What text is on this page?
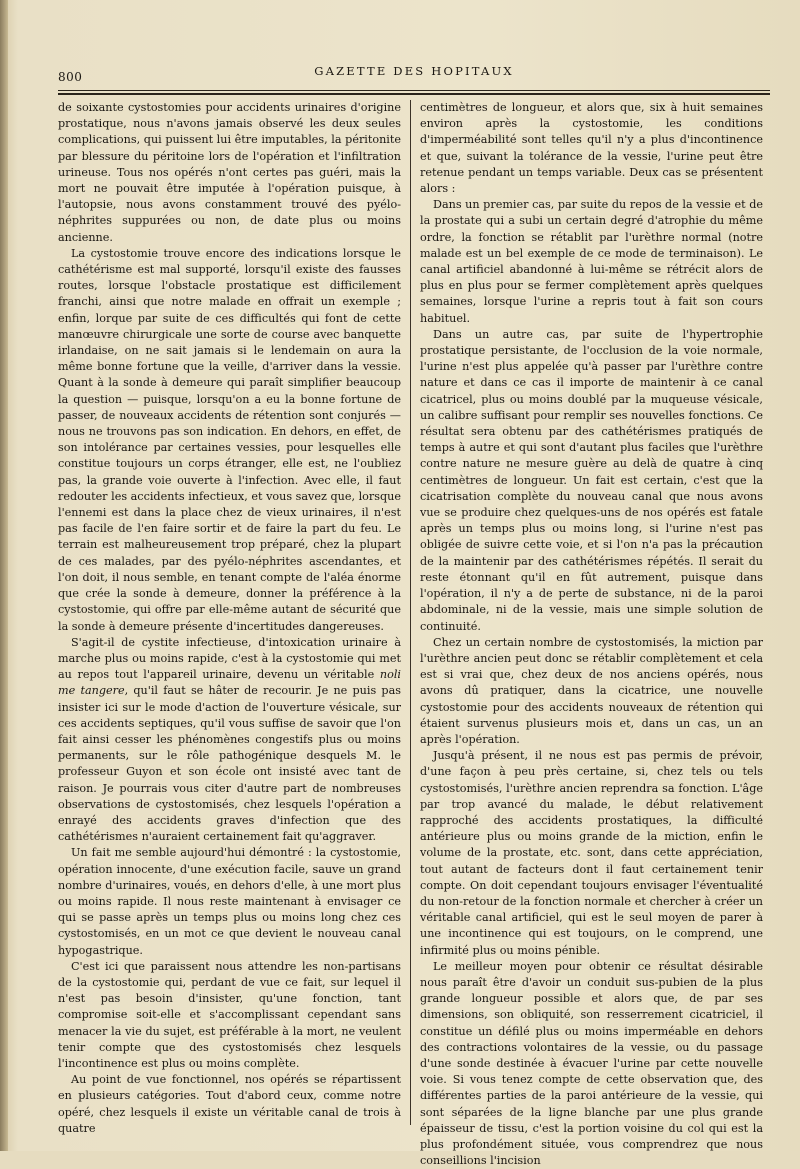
800	GAZETTE DES HOPITAUX

de soixante cystostomies pour accidents urinaires d'origine prostatique, nous n'avons jamais observé les deux seules complications, qui puissent lui être imputables, la péritonite par blessure du péritoine lors de l'opération et l'infiltration urineuse. Tous nos opérés n'ont certes pas guéri, mais la mort ne pouvait être imputée à l'opération puisque, à l'autopsie, nous avons constamment trouvé des pyélo-néphrites suppurées ou non, de date plus ou moins ancienne.

La cystostomie trouve encore des indications lorsque le cathétérisme est mal supporté, lorsqu'il existe des fausses routes, lorsque l'obstacle prostatique est difficilement franchi, ainsi que notre malade en offrait un exemple ; enfin, lorque par suite de ces difficultés qui font de cette manœuvre chirurgicale une sorte de course avec banquette irlandaise, on ne sait jamais si le lendemain on aura la même bonne fortune que la veille, d'arriver dans la vessie. Quant à la sonde à demeure qui paraît simplifier beaucoup la question — puisque, lorsqu'on a eu la bonne fortune de passer, de nouveaux accidents de rétention sont conjurés — nous ne trouvons pas son indication. En dehors, en effet, de son intolérance par certaines vessies, pour lesquelles elle constitue toujours un corps étranger, elle est, ne l'oubliez pas, la grande voie ouverte à l'infection. Avec elle, il faut redouter les accidents infectieux, et vous savez que, lorsque l'ennemi est dans la place chez de vieux urinaires, il n'est pas facile de l'en faire sortir et de faire la part du feu. Le terrain est malheureusement trop préparé, chez la plupart de ces malades, par des pyélo-néphrites ascendantes, et l'on doit, il nous semble, en tenant compte de l'aléa énorme que crée la sonde à demeure, donner la préférence à la cystostomie, qui offre par elle-même autant de sécurité que la sonde à demeure présente d'incertitudes dangereuses.

S'agit-il de cystite infectieuse, d'intoxication urinaire à marche plus ou moins rapide, c'est à la cystostomie qui met au repos tout l'appareil urinaire, devenu un véritable noli me tangere, qu'il faut se hâter de recourir. Je ne puis pas insister ici sur le mode d'action de l'ouverture vésicale, sur ces accidents septiques, qu'il vous suffise de savoir que l'on fait ainsi cesser les phénomènes congestifs plus ou moins permanents, sur le rôle pathogénique desquels M. le professeur Guyon et son école ont insisté avec tant de raison. Je pourrais vous citer d'autre part de nombreuses observations de cystostomisés, chez lesquels l'opération a enrayé des accidents graves d'infection que des cathétérismes n'auraient certainement fait qu'aggraver.

Un fait me semble aujourd'hui démontré : la cystostomie, opération innocente, d'une exécution facile, sauve un grand nombre d'urinaires, voués, en dehors d'elle, à une mort plus ou moins rapide. Il nous reste maintenant à envisager ce qui se passe après un temps plus ou moins long chez ces cystostomisés, en un mot ce que devient le nouveau canal hypogastrique.

C'est ici que paraissent nous attendre les non-partisans de la cystostomie qui, perdant de vue ce fait, sur lequel il n'est pas besoin d'insister, qu'une fonction, tant compromise soit-elle et s'accomplissant cependant sans menacer la vie du sujet, est préférable à la mort, ne veulent tenir compte que des cystostomisés chez lesquels l'incontinence est plus ou moins complète.

Au point de vue fonctionnel, nos opérés se répartissent en plusieurs catégories. Tout d'abord ceux, comme notre opéré, chez lesquels il existe un véritable canal de trois à quatre

centimètres de longueur, et alors que, six à huit semaines environ après la cystostomie, les conditions d'imperméabilité sont telles qu'il n'y a plus d'incontinence et que, suivant la tolérance de la vessie, l'urine peut être retenue pendant un temps variable. Deux cas se présentent alors :

Dans un premier cas, par suite du repos de la vessie et de la prostate qui a subi un certain degré d'atrophie du même ordre, la fonction se rétablit par l'urèthre normal (notre malade est un bel exemple de ce mode de terminaison). Le canal artificiel abandonné à lui-même se rétrécit alors de plus en plus pour se fermer complètement après quelques semaines, lorsque l'urine a repris tout à fait son cours habituel.

Dans un autre cas, par suite de l'hypertrophie prostatique persistante, de l'occlusion de la voie normale, l'urine n'est plus appelée qu'à passer par l'urèthre contre nature et dans ce cas il importe de maintenir à ce canal cicatricel, plus ou moins doublé par la muqueuse vésicale, un calibre suffisant pour remplir ses nouvelles fonctions. Ce résultat sera obtenu par des cathétérismes pratiqués de temps à autre et qui sont d'autant plus faciles que l'urèthre contre nature ne mesure guère au delà de quatre à cinq centimètres de longueur. Un fait est certain, c'est que la cicatrisation complète du nouveau canal que nous avons vue se produire chez quelques-uns de nos opérés est fatale après un temps plus ou moins long, si l'urine n'est pas obligée de suivre cette voie, et si l'on n'a pas la précaution de la maintenir par des cathétérismes répétés. Il serait du reste étonnant qu'il en fût autrement, puisque dans l'opération, il n'y a de perte de substance, ni de la paroi abdominale, ni de la vessie, mais une simple solution de continuité.

Chez un certain nombre de cystostomisés, la miction par l'urèthre ancien peut donc se rétablir complètement et cela est si vrai que, chez deux de nos anciens opérés, nous avons dû pratiquer, dans la cicatrice, une nouvelle cystostomie pour des accidents nouveaux de rétention qui étaient survenus plusieurs mois et, dans un cas, un an après l'opération.

Jusqu'à présent, il ne nous est pas permis de prévoir, d'une façon à peu près certaine, si, chez tels ou tels cystostomisés, l'urèthre ancien reprendra sa fonction. L'âge par trop avancé du malade, le début relativement rapproché des accidents prostatiques, la difficulté antérieure plus ou moins grande de la miction, enfin le volume de la prostate, etc. sont, dans cette appréciation, tout autant de facteurs dont il faut certainement tenir compte. On doit cependant toujours envisager l'éventualité du non-retour de la fonction normale et chercher à créer un véritable canal artificiel, qui est le seul moyen de parer à une incontinence qui est toujours, on le comprend, une infirmité plus ou moins pénible.

Le meilleur moyen pour obtenir ce résultat désirable nous paraît être d'avoir un conduit sus-pubien de la plus grande longueur possible et alors que, de par ses dimensions, son obliquité, son resserrement cicatriciel, il constitue un défilé plus ou moins imperméable en dehors des contractions volontaires de la vessie, ou du passage d'une sonde destinée à évacuer l'urine par cette nouvelle voie. Si vous tenez compte de cette observation que, des différentes parties de la paroi antérieure de la vessie, qui sont séparées de la ligne blanche par une plus grande épaisseur de tissu, c'est la portion voisine du col qui est la plus profondément située, vous comprendrez que nous conseillions l'incision
